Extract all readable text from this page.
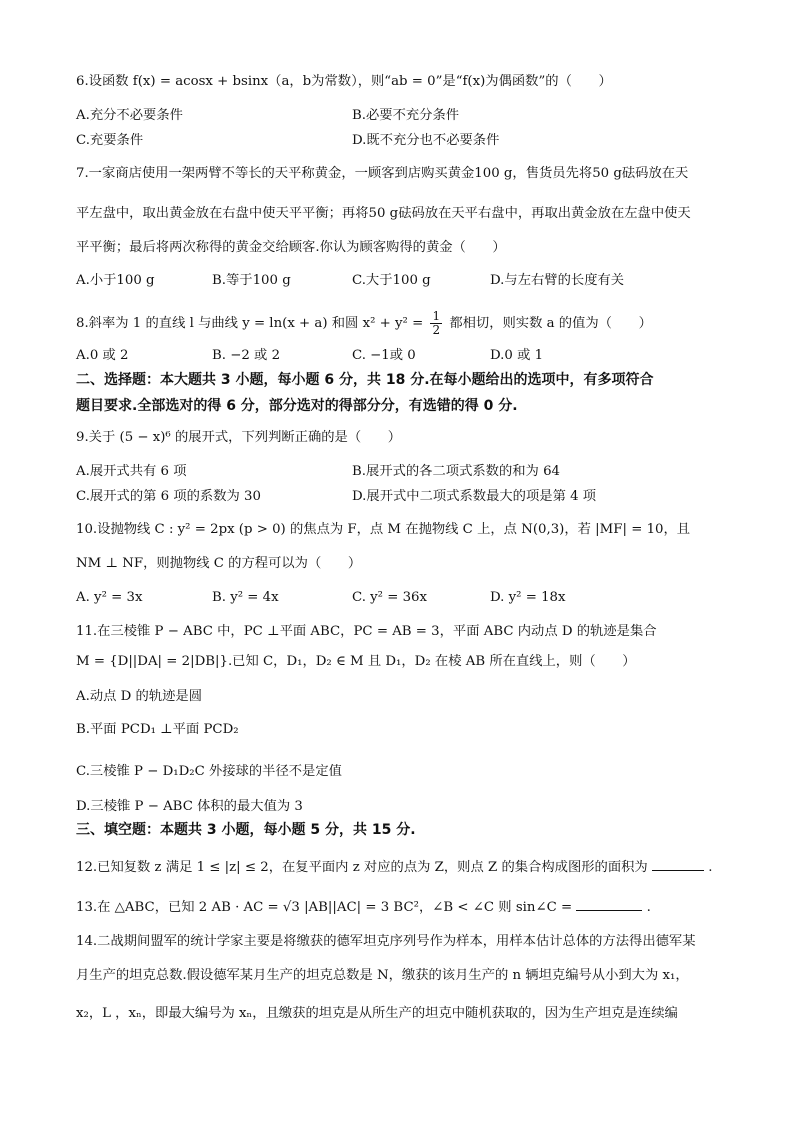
6.设函数 f(x) = acosx + bsinx（a，b为常数），则“ab = 0”是“f(x)为偶函数”的（　　）
A.充分不必要条件	B.必要不充分条件
C.充要条件	D.既不充分也不必要条件
7.一家商店使用一架两臂不等长的天平称黄金，一顾客到店购买黄金100 g，售货员先将50 g砝码放在天
平左盘中，取出黄金放在右盘中使天平平衡；再将50 g砝码放在天平右盘中，再取出黄金放在左盘中使天
平平衡；最后将两次称得的黄金交给顾客.你认为顾客购得的黄金（　　）
A.小于100 g	B.等于100 g	C.大于100 g	D.与左右臂的长度有关
8.斜率为 1 的直线 l 与曲线 y = ln(x + a) 和圆 $x^2 + y^2 = \frac{1}{2}$ 都相切，则实数 a 的值为（　　）
A.0 或 2	B. −2 或 2	C. −1或 0	D.0 或 1
二、选择题：本大题共 3 小题，每小题 6 分，共 18 分.在每小题给出的选项中，有多项符合
题目要求.全部选对的得 6 分，部分选对的得部分分，有选错的得 0 分.
9.关于 (5 − x)⁶ 的展开式，下列判断正确的是（　　）
A.展开式共有 6 项	B.展开式的各二项式系数的和为 64
C.展开式的第 6 项的系数为 30	D.展开式中二项式系数最大的项是第 4 项
10.设抛物线 C : y² = 2px (p > 0) 的焦点为 F，点 M 在抛物线 C 上，点 N(0,3)，若 |MF| = 10，且
NM ⊥ NF，则抛物线 C 的方程可以为（　　）
A. y² = 3x	B. y² = 4x	C. y² = 36x	D. y² = 18x
11.在三棱锥 P − ABC 中，PC ⊥平面 ABC，PC = AB = 3，平面 ABC 内动点 D 的轨迹是集合
M = {D||DA| = 2|DB|}.已知 C，D₁，D₂ ∈ M 且 D₁，D₂ 在棱 AB 所在直线上，则（　　）
A.动点 D 的轨迹是圆
B.平面 PCD₁ ⊥平面 PCD₂
C.三棱锥 P − D₁D₂C 外接球的半径不是定值
D.三棱锥 P − ABC 体积的最大值为 3
三、填空题：本题共 3 小题，每小题 5 分，共 15 分.
12.已知复数 z 满足 1 ≤ |z| ≤ 2，在复平面内 z 对应的点为 Z，则点 Z 的集合构成图形的面积为	.
13.在 △ABC，已知 2 AB · AC = √3 |AB||AC| = 3 BC²，∠B < ∠C 则 sin∠C =	.
14.二战期间盟军的统计学家主要是将缴获的德军坦克序列号作为样本，用样本估计总体的方法得出德军某
月生产的坦克总数.假设德军某月生产的坦克总数是 N，缴获的该月生产的 n 辆坦克编号从小到大为 x₁，
x₂，L ，xₙ，即最大编号为 xₙ，且缴获的坦克是从所生产的坦克中随机获取的，因为生产坦克是连续编
